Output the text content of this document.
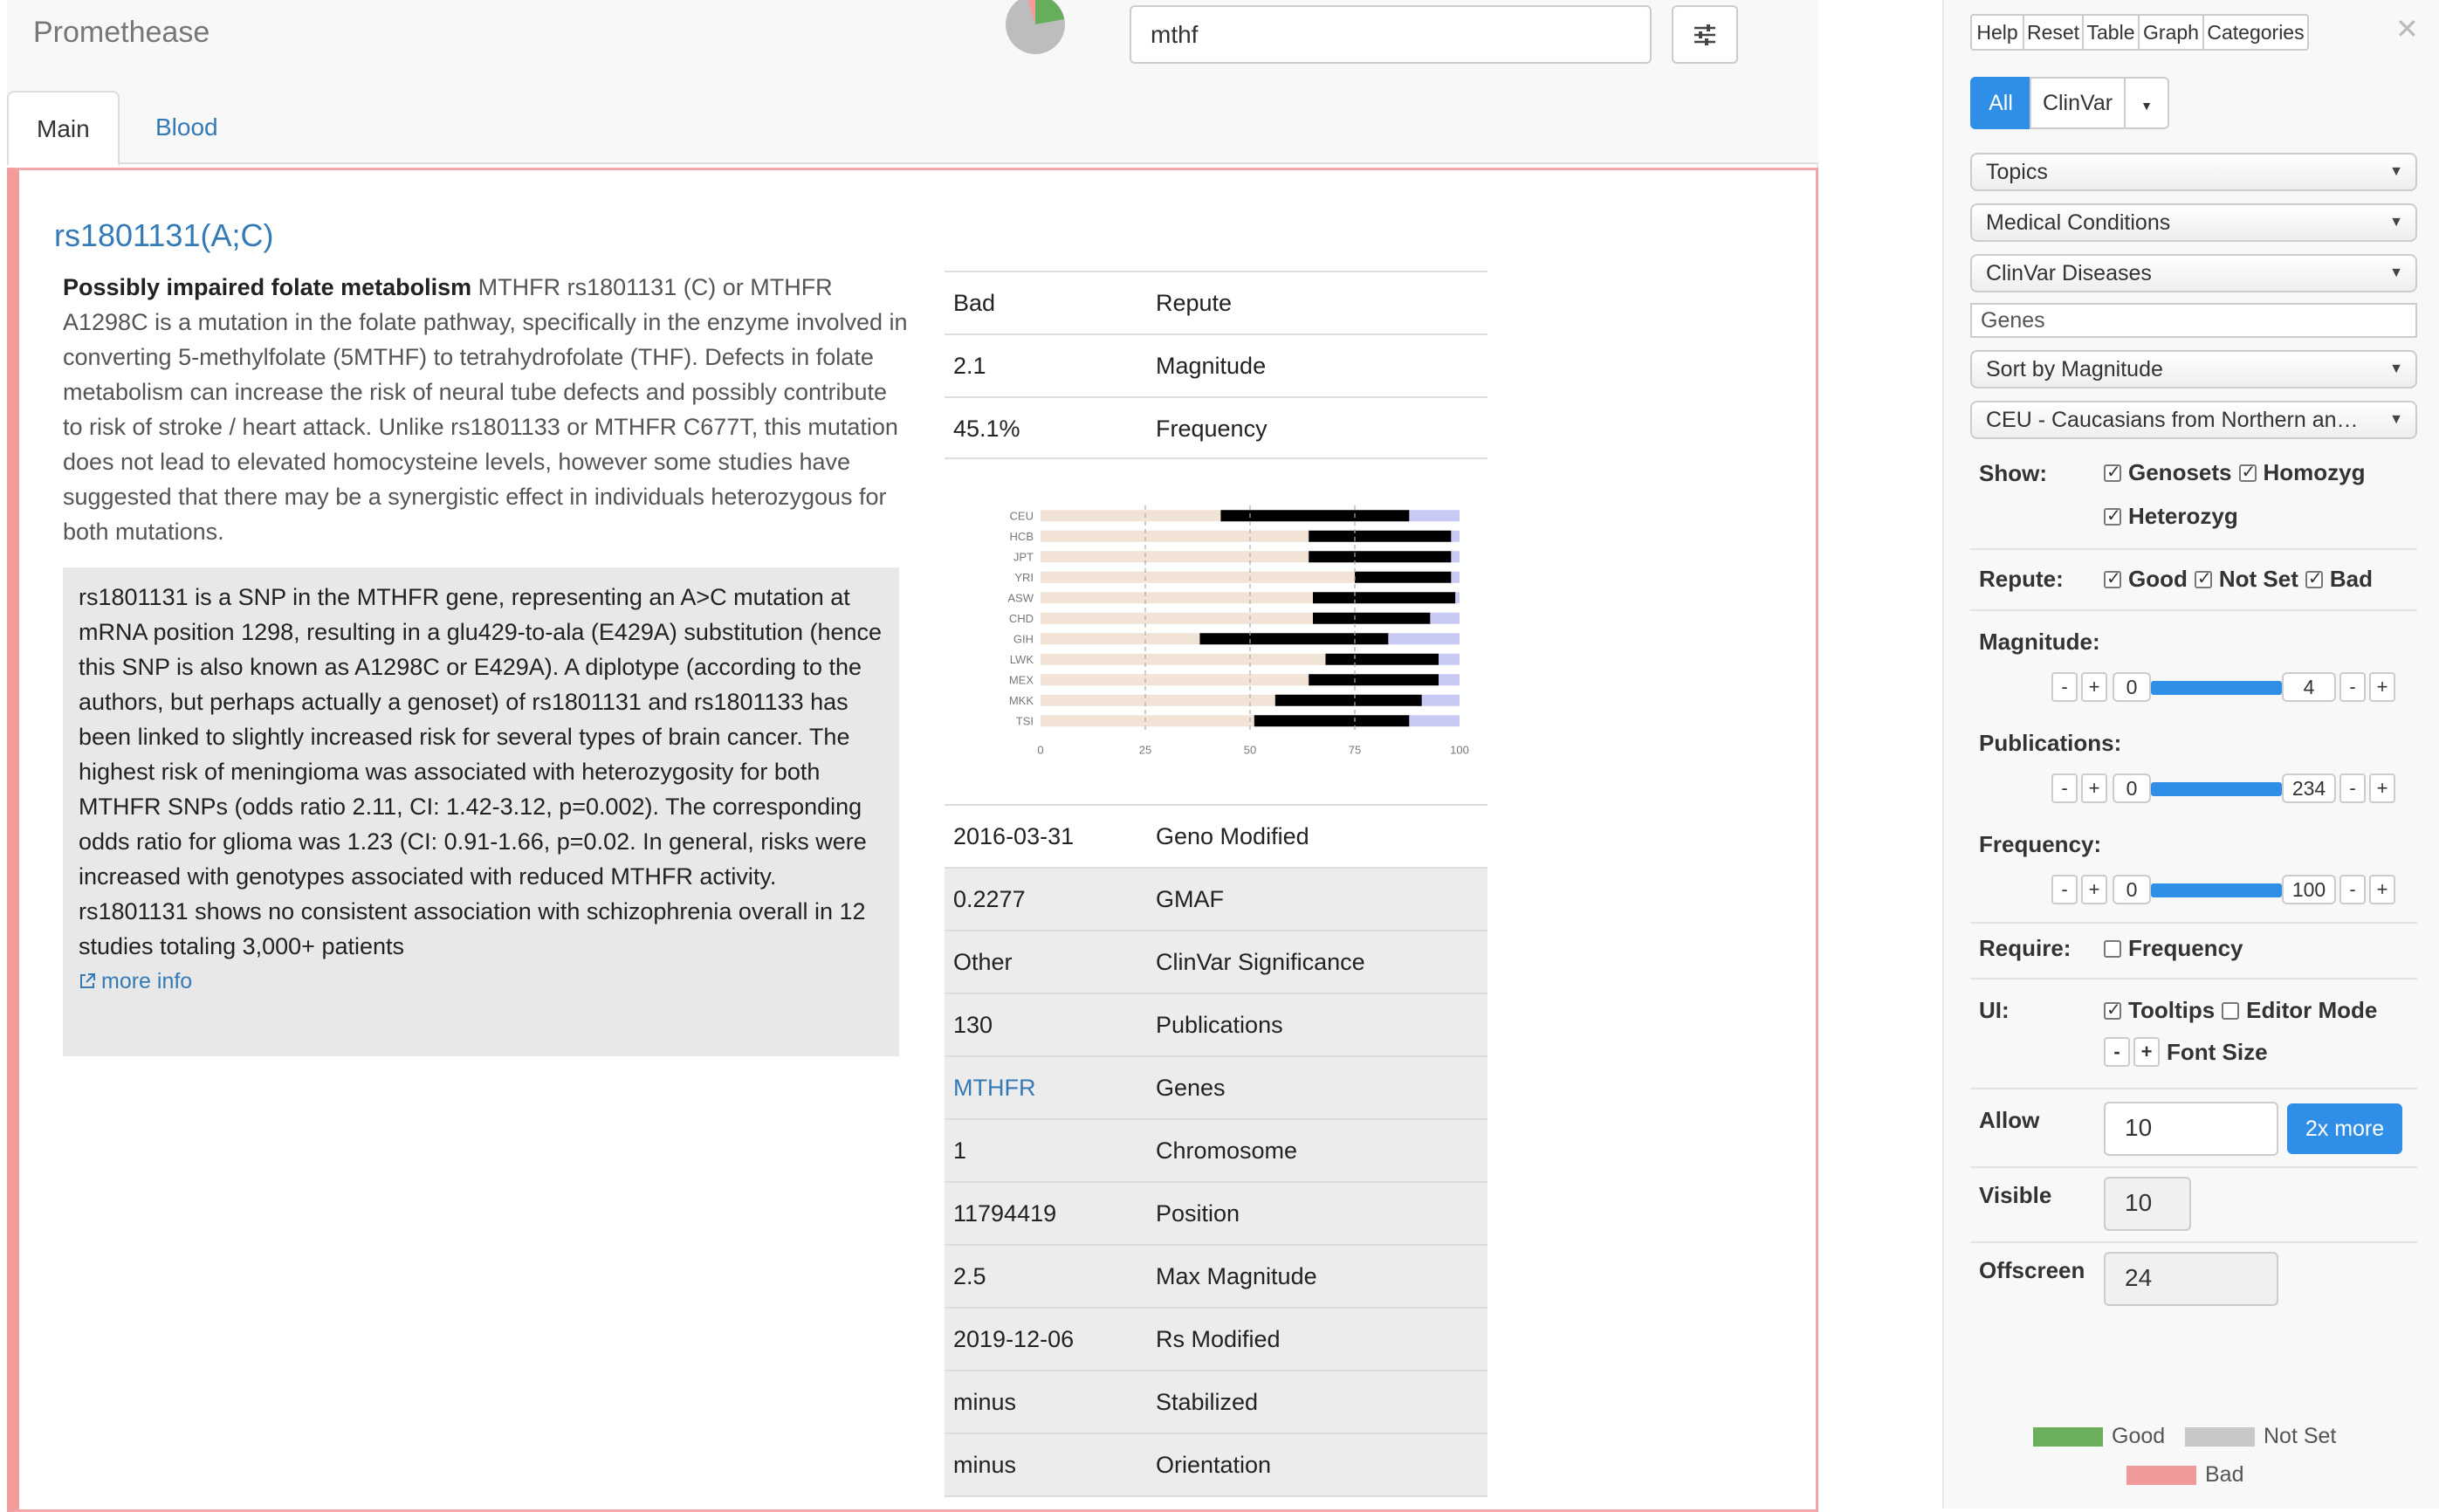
Promethease
mthf
Main	Blood
rs1801131(A;C)
Possibly impaired folate metabolism MTHFR rs1801131 (C) or MTHFR A1298C is a mutation in the folate pathway, specifically in the enzyme involved in converting 5-methylfolate (5MTHF) to tetrahydrofolate (THF). Defects in folate metabolism can increase the risk of neural tube defects and possibly contribute to risk of stroke / heart attack. Unlike rs1801133 or MTHFR C677T, this mutation does not lead to elevated homocysteine levels, however some studies have suggested that there may be a synergistic effect in individuals heterozygous for both mutations.
rs1801131 is a SNP in the MTHFR gene, representing an A>C mutation at mRNA position 1298, resulting in a glu429-to-ala (E429A) substitution (hence this SNP is also known as A1298C or E429A). A diplotype (according to the authors, but perhaps actually a genoset) of rs1801131 and rs1801133 has been linked to slightly increased risk for several types of brain cancer. The highest risk of meningioma was associated with heterozygosity for both MTHFR SNPs (odds ratio 2.11, CI: 1.42-3.12, p=0.002). The corresponding odds ratio for glioma was 1.23 (CI: 0.91-1.66, p=0.02. In general, risks were increased with genotypes associated with reduced MTHFR activity. rs1801131 shows no consistent association with schizophrenia overall in 12 studies totaling 3,000+ patients
more info
Bad	Repute
2.1	Magnitude
45.1%	Frequency
CEU
HCB
JPT
YRI
ASW
CHD
GIH
LWK
MEX
MKK
TSI
0	25	50	75	100
2016-03-31	Geno Modified
0.2277	GMAF
Other	ClinVar Significance
130	Publications
MTHFR	Genes
1	Chromosome
11794419	Position
2.5	Max Magnitude
2019-12-06	Rs Modified
minus	Stabilized
minus	Orientation
Help Reset Table Graph Categories	✕
All	ClinVar	▼
Topics	▼
Medical Conditions	▼
ClinVar Diseases	▼
Genes
Sort by Magnitude	▼
CEU - Caucasians from Northern an… ▼
Show: ✓	Genosets ✓ Homozyg
✓
Heterozyg
Repute: ✓	Good ✓ Not Set ✓ Bad
Magnitude:
-	+	0	4	-	+
Publications:
-	+	0	234	-	+
Frequency:
-	+	0	100	-	+
Require:	Frequency
UI: ✓	Tooltips Editor Mode
-	+ Font Size
Allow	10	2x more
Visible	10
Offscreen	24
Good	Not Set
Bad
